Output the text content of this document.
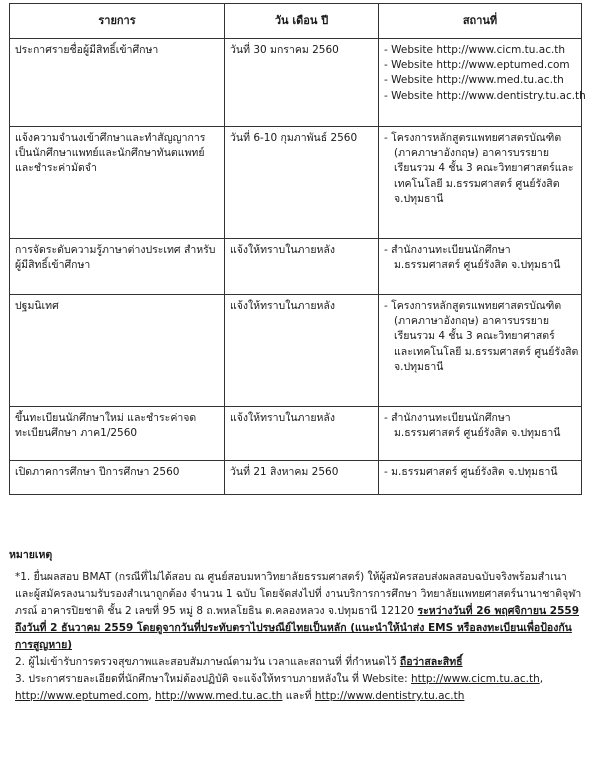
รายการ	วัน เดือน ปี	สถานที่
ประกาศรายชื่อผู้มีสิทธิ์เข้าศึกษา	วันที่ 30 มกราคม 2560	- Website http://www.cicm.tu.ac.th
- Website http://www.eptumed.com
- Website http://www.med.tu.ac.th
- Website http://www.dentistry.tu.ac.th

แจ้งความจำนงเข้าศึกษาและทำสัญญาการเป็นนักศึกษาแพทย์และนักศึกษาทันตแพทย์ และชำระค่ามัดจำ	วันที่ 6-10 กุมภาพันธ์ 2560	- โครงการหลักสูตรแพทยศาสตรบัณฑิต
(ภาคภาษาอังกฤษ) อาคารบรรยาย
เรียนรวม 4 ชั้น 3 คณะวิทยาศาสตร์และ
เทคโนโลยี ม.ธรรมศาสตร์ ศูนย์รังสิต
จ.ปทุมธานี

การจัดระดับความรู้ภาษาต่างประเทศ สำหรับผู้มีสิทธิ์เข้าศึกษา	แจ้งให้ทราบในภายหลัง	- สำนักงานทะเบียนนักศึกษา
ม.ธรรมศาสตร์ ศูนย์รังสิต จ.ปทุมธานี

ปฐมนิเทศ	แจ้งให้ทราบในภายหลัง	- โครงการหลักสูตรแพทยศาสตรบัณฑิต
(ภาคภาษาอังกฤษ) อาคารบรรยาย
เรียนรวม 4 ชั้น 3 คณะวิทยาศาสตร์
และเทคโนโลยี ม.ธรรมศาสตร์ ศูนย์รังสิต
จ.ปทุมธานี

ขึ้นทะเบียนนักศึกษาใหม่ และชำระค่าจดทะเบียนศึกษา ภาค1/2560	แจ้งให้ทราบในภายหลัง	- สำนักงานทะเบียนนักศึกษา
ม.ธรรมศาสตร์ ศูนย์รังสิต จ.ปทุมธานี

เปิดภาคการศึกษา ปีการศึกษา 2560	วันที่ 21 สิงหาคม 2560	- ม.ธรรมศาสตร์ ศูนย์รังสิต จ.ปทุมธานี
หมายเหตุ
*1. ยื่นผลสอบ BMAT (กรณีที่ไม่ได้สอบ ณ ศูนย์สอบมหาวิทยาลัยธรรมศาสตร์) ให้ผู้สมัครสอบส่งผลสอบฉบับจริงพร้อมสำเนาและผู้สมัครลงนามรับรองสำเนาถูกต้อง จำนวน 1 ฉบับ โดยจัดส่งไปที่ งานบริการการศึกษา วิทยาลัยแพทยศาสตร์นานาชาติจุฬาภรณ์ อาคารปิยชาติ ชั้น 2 เลขที่ 95 หมู่ 8 ถ.พหลโยธิน ต.คลองหลวง จ.ปทุมธานี 12120 ระหว่างวันที่ 26 พฤศจิกายน 2559 ถึงวันที่ 2 ธันวาคม 2559 โดยดูจากวันที่ประทับตราไปรษณีย์ไทยเป็นหลัก (แนะนำให้นำส่ง EMS หรือลงทะเบียนเพื่อป้องกันการสูญหาย)
2. ผู้ไม่เข้ารับการตรวจสุขภาพและสอบสัมภาษณ์ตามวัน เวลาและสถานที่ ที่กำหนดไว้ ถือว่าสละสิทธิ์
3. ประกาศรายละเอียดที่นักศึกษาใหม่ต้องปฏิบัติ จะแจ้งให้ทราบภายหลังใน ที่ Website: http://www.cicm.tu.ac.th, http://www.eptumed.com, http://www.med.tu.ac.th และที่ http://www.dentistry.tu.ac.th
